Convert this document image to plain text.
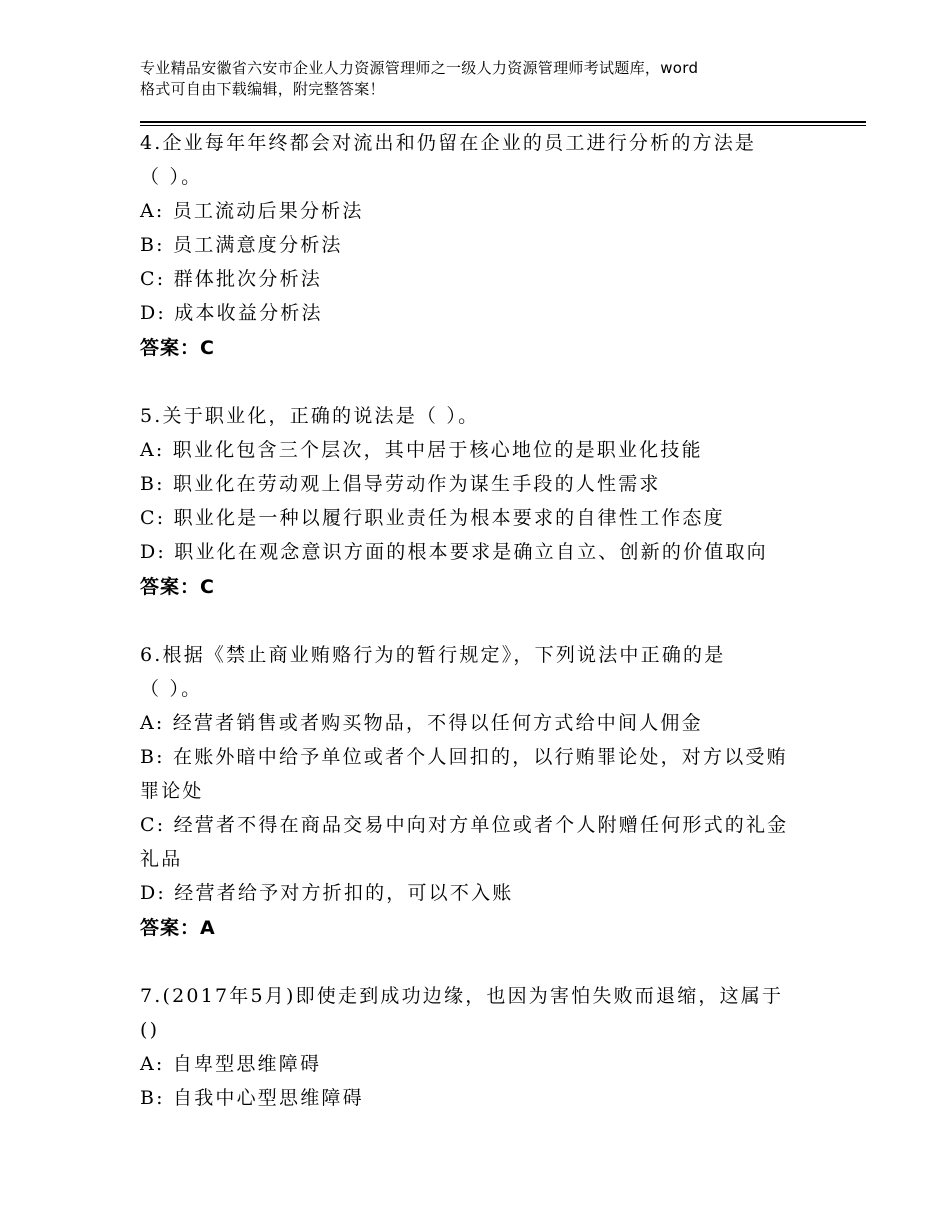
专业精品安徽省六安市企业人力资源管理师之一级人力资源管理师考试题库，word
格式可自由下载编辑，附完整答案！
4.企业每年年终都会对流出和仍留在企业的员工进行分析的方法是
（ ）。
A: 员工流动后果分析法
B: 员工满意度分析法
C: 群体批次分析法
D: 成本收益分析法
答案：C
5.关于职业化，正确的说法是（ ）。
A: 职业化包含三个层次，其中居于核心地位的是职业化技能
B: 职业化在劳动观上倡导劳动作为谋生手段的人性需求
C: 职业化是一种以履行职业责任为根本要求的自律性工作态度
D: 职业化在观念意识方面的根本要求是确立自立、创新的价值取向
答案：C
6.根据《禁止商业贿赂行为的暂行规定》，下列说法中正确的是
（ ）。
A: 经营者销售或者购买物品，不得以任何方式给中间人佣金
B: 在账外暗中给予单位或者个人回扣的，以行贿罪论处，对方以受贿
罪论处
C: 经营者不得在商品交易中向对方单位或者个人附赠任何形式的礼金
礼品
D: 经营者给予对方折扣的，可以不入账
答案：A
7.(2017年5月)即使走到成功边缘，也因为害怕失败而退缩，这属于
()
A: 自卑型思维障碍
B: 自我中心型思维障碍
